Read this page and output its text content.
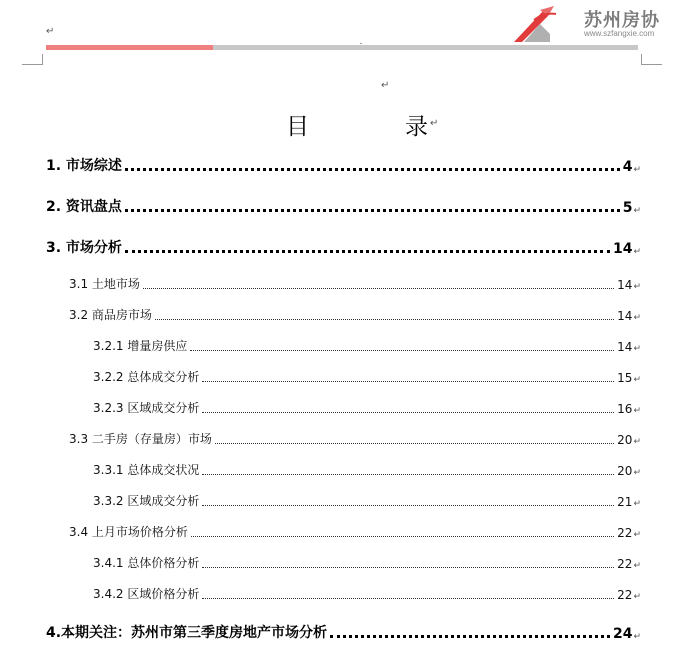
↵
苏州房协
www.szfangxie.com
↵
目	录 ↵
1. 市场综述	4 ↵
2. 资讯盘点	5 ↵
3. 市场分析	14 ↵
3.1 土地市场	14 ↵
3.2 商品房市场	14 ↵
3.2.1 增量房供应	14 ↵
3.2.2 总体成交分析	15 ↵
3.2.3 区域成交分析	16 ↵
3.3 二手房（存量房）市场	20 ↵
3.3.1 总体成交状况	20 ↵
3.3.2 区域成交分析	21 ↵
3.4 上月市场价格分析	22 ↵
3.4.1 总体价格分析	22 ↵
3.4.2 区域价格分析	22 ↵
4.本期关注：苏州市第三季度房地产市场分析	24 ↵
